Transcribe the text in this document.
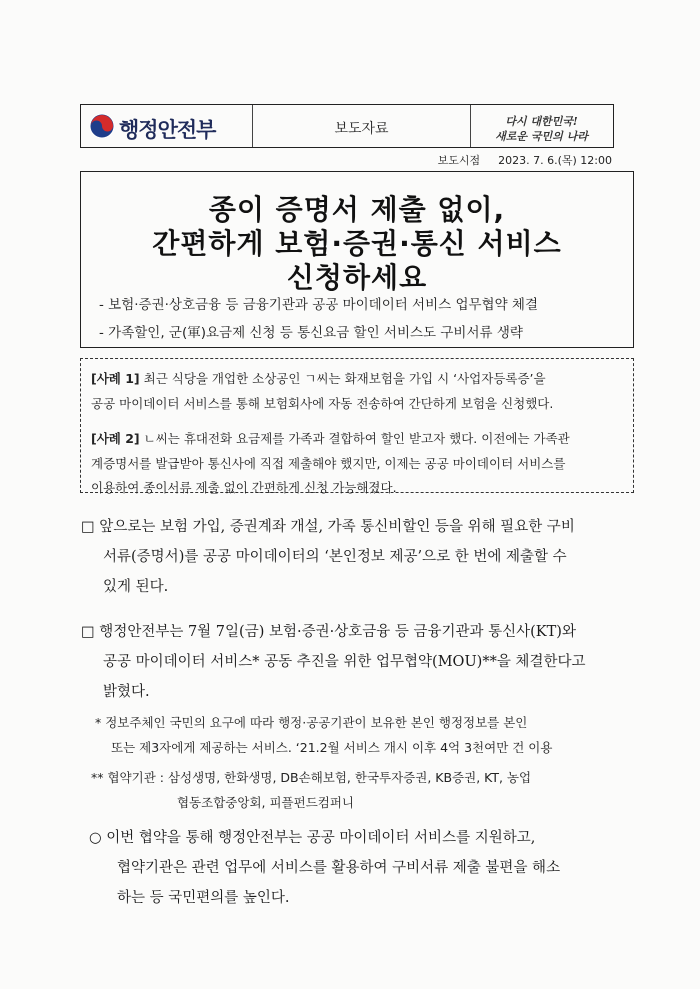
행정안전부	보도자료	다시 대한민국!
새로운 국민의 나라
보도시점 2023. 7. 6.(목) 12:00
종이 증명서 제출 없이,
간편하게 보험·증권·통신 서비스
신청하세요
- 보험·증권·상호금융 등 금융기관과 공공 마이데이터 서비스 업무협약 체결
- 가족할인, 군(軍)요금제 신청 등 통신요금 할인 서비스도 구비서류 생략
[사례 1] 최근 식당을 개업한 소상공인 ㄱ씨는 화재보험을 가입 시 ‘사업자등록증’을
공공 마이데이터 서비스를 통해 보험회사에 자동 전송하여 간단하게 보험을 신청했다.
[사례 2] ㄴ씨는 휴대전화 요금제를 가족과 결합하여 할인 받고자 했다. 이전에는 가족관
계증명서를 발급받아 통신사에 직접 제출해야 했지만, 이제는 공공 마이데이터 서비스를
이용하여 종이서류 제출 없이 간편하게 신청 가능해졌다.
□ 앞으로는 보험 가입, 증권계좌 개설, 가족 통신비할인 등을 위해 필요한 구비
서류(증명서)를 공공 마이데이터의 ‘본인정보 제공’으로 한 번에 제출할 수
있게 된다.
□ 행정안전부는 7월 7일(금) 보험·증권·상호금융 등 금융기관과 통신사(KT)와
공공 마이데이터 서비스* 공동 추진을 위한 업무협약(MOU)**을 체결한다고
밝혔다.
* 정보주체인 국민의 요구에 따라 행정·공공기관이 보유한 본인 행정정보를 본인
또는 제3자에게 제공하는 서비스. ‘21.2월 서비스 개시 이후 4억 3천여만 건 이용
** 협약기관 : 삼성생명, 한화생명, DB손해보험, 한국투자증권, KB증권, KT, 농업
협동조합중앙회, 피플펀드컴퍼니
○ 이번 협약을 통해 행정안전부는 공공 마이데이터 서비스를 지원하고,
협약기관은 관련 업무에 서비스를 활용하여 구비서류 제출 불편을 해소
하는 등 국민편의를 높인다.
